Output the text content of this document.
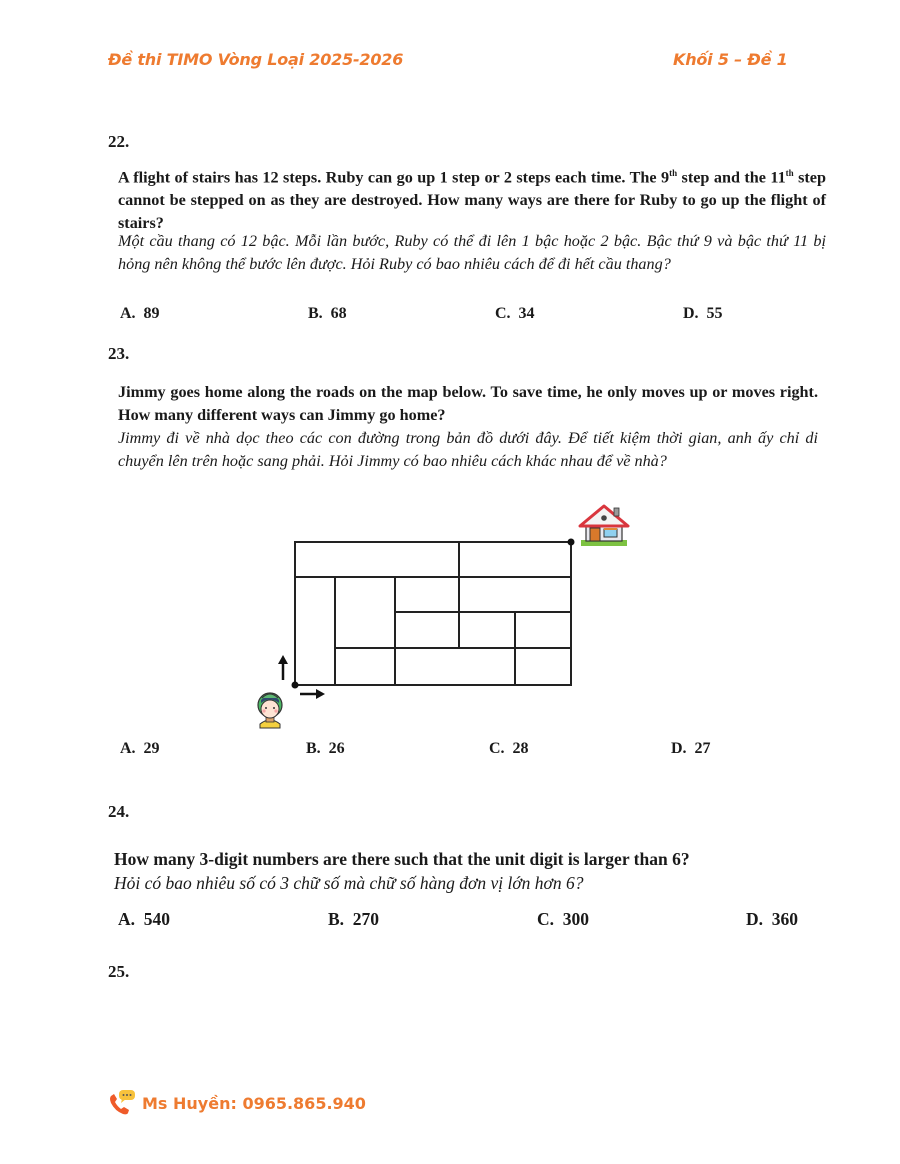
Đề thi TIMO Vòng Loại 2025-2026	Khối 5 – Đề 1
22.
A flight of stairs has 12 steps. Ruby can go up 1 step or 2 steps each time. The 9th step and the 11th step cannot be stepped on as they are destroyed. How many ways are there for Ruby to go up the flight of stairs?
Một cầu thang có 12 bậc. Mỗi lần bước, Ruby có thể đi lên 1 bậc hoặc 2 bậc. Bậc thứ 9 và bậc thứ 11 bị hỏng nên không thể bước lên được. Hỏi Ruby có bao nhiêu cách để đi hết cầu thang?
A.  89	B.  68	C.  34	D.  55
23.
Jimmy goes home along the roads on the map below. To save time, he only moves up or moves right. How many different ways can Jimmy go home?
Jimmy đi về nhà dọc theo các con đường trong bản đồ dưới đây. Để tiết kiệm thời gian, anh ấy chỉ di chuyển lên trên hoặc sang phải. Hỏi Jimmy có bao nhiêu cách khác nhau để về nhà?
A.  29	B.  26	C.  28	D.  27
24.
How many 3-digit numbers are there such that the unit digit is larger than 6?
Hỏi có bao nhiêu số có 3 chữ số mà chữ số hàng đơn vị lớn hơn 6?
A.  540	B.  270	C.  300	D.  360
25.
Ms Huyền: 0965.865.940
